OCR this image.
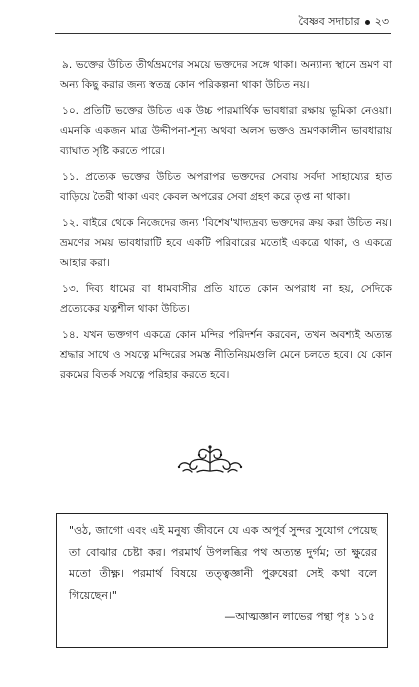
বৈষ্ণব সদাচার ২৩

৯. ভক্তের উচিত তীর্থভ্রমণের সময়ে ভক্তদের সঙ্গে থাকা। অন্যান্য স্থানে ভ্রমণ বা অন্য কিছু করার জন্য স্বতন্ত্র কোন পরিকল্পনা থাকা উচিত নয়।

১০. প্রতিটি ভক্তের উচিত এক উচ্চ পারমার্থিক ভাবধারা রক্ষায় ভূমিকা নেওয়া। এমনকি একজন মাত্র উদ্দীপনা-শূন্য অথবা অলস ভক্তও ভ্রমণকালীন ভাবধারায় ব্যাঘাত সৃষ্টি করতে পারে।

১১. প্রত্যেক ভক্তের উচিত অপরাপর ভক্তদের সেবায় সর্বদা সাহায্যের হাত বাড়িয়ে তৈরী থাকা এবং কেবল অপরের সেবা গ্রহণ করে তৃপ্ত না থাকা।

১২. বাইরে থেকে নিজেদের জন্য 'বিশেষ'খাদ্যদ্রব্য ভক্তদের ক্রয় করা উচিত নয়। ভ্রমণের সময় ভাবধারাটি হবে একটি পরিবারের মতোই একত্রে থাকা, ও একত্রে আহার করা।

১৩. দিব্য ধামের বা ধামবাসীর প্রতি যাতে কোন অপরাধ না হয়, সেদিকে প্রত্যেকের যত্নশীল থাকা উচিত।

১৪. যখন ভক্তগণ একত্রে কোন মন্দির পরিদর্শন করবেন, তখন অবশ্যই অত্যন্ত শ্রদ্ধার সাথে ও সযত্নে মন্দিরের সমস্ত নীতিনিয়মগুলি মেনে চলতে হবে। যে কোন রকমের বিতর্ক সযত্নে পরিহার করতে হবে।

"ওঠ, জাগো এবং এই মনুষ্য জীবনে যে এক অপূর্ব সুন্দর সুযোগ পেয়েছ তা বোঝার চেষ্টা কর। পরমার্থ উপলব্ধির পথ অত্যন্ত দুর্গম; তা ক্ষুরের মতো তীক্ষ্ণ। পরমার্থ বিষয়ে তত্ত্বজ্ঞানী পুরুষেরা সেই কথা বলে গিয়েছেন।"

—আত্মজ্ঞান লাভের পন্থা পৃঃ ১১৫
